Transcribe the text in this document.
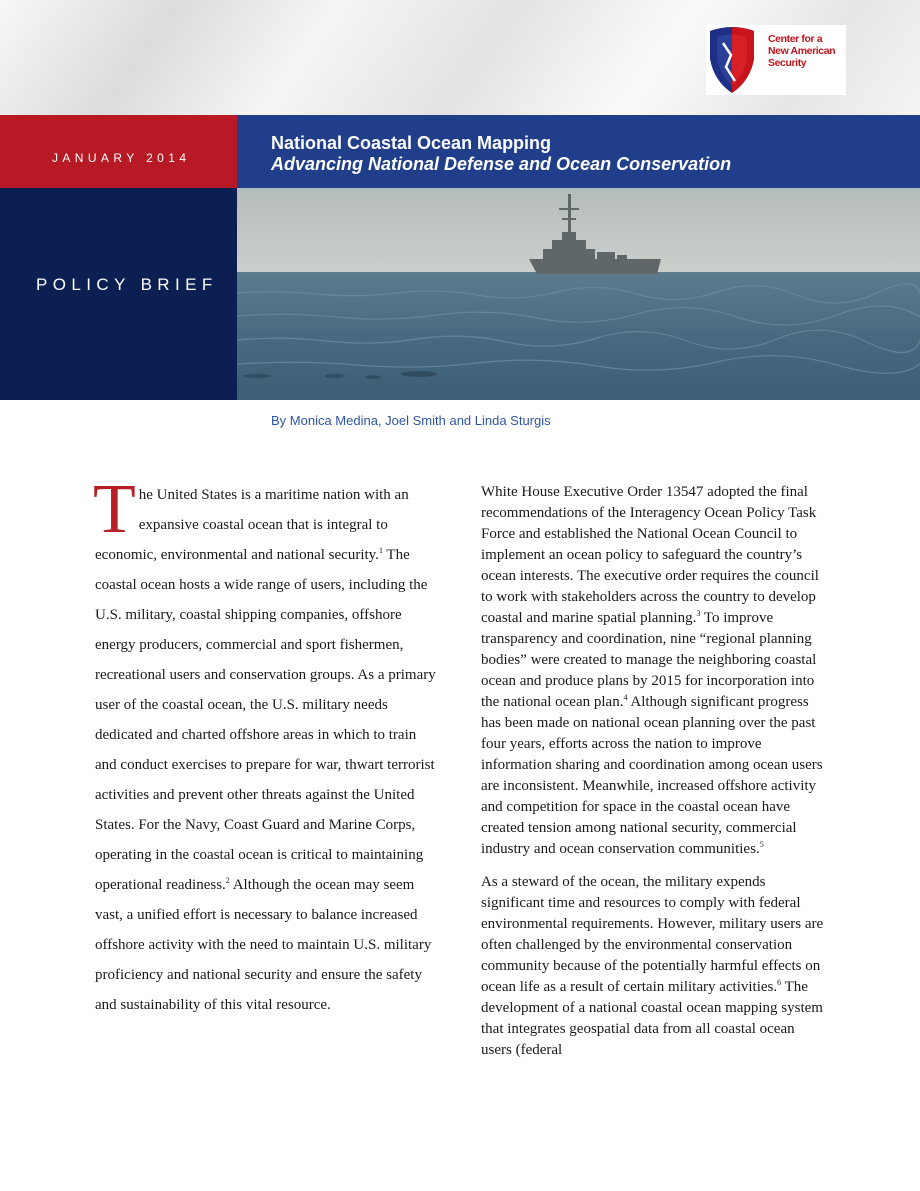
Center for a
New American
Security
JANUARY 2014
National Coastal Ocean Mapping
Advancing National Defense and Ocean Conservation
POLICY BRIEF
By Monica Medina, Joel Smith and Linda Sturgis

The United States is a maritime nation with an expansive coastal ocean that is integral to economic, environmental and national security.$^1$ The coastal ocean hosts a wide range of users, including the U.S. military, coastal shipping companies, offshore energy producers, commercial and sport fishermen, recreational users and conservation groups. As a primary user of the coastal ocean, the U.S. military needs dedicated and charted offshore areas in which to train and conduct exercises to prepare for war, thwart terrorist activities and prevent other threats against the United States. For the Navy, Coast Guard and Marine Corps, operating in the coastal ocean is critical to maintaining operational readiness.$^2$ Although the ocean may seem vast, a unified effort is necessary to balance increased offshore activity with the need to maintain U.S. military proficiency and national security and ensure the safety and sustainability of this vital resource.

White House Executive Order 13547 adopted the final recommendations of the Interagency Ocean Policy Task Force and established the National Ocean Council to implement an ocean policy to safeguard the country’s ocean interests. The executive order requires the council to work with stakeholders across the country to develop coastal and marine spatial planning.$^3$ To improve transparency and coordination, nine “regional planning bodies” were created to manage the neighboring coastal ocean and produce plans by 2015 for incorporation into the national ocean plan.$^4$ Although significant progress has been made on national ocean planning over the past four years, efforts across the nation to improve information sharing and coordination among ocean users are inconsistent. Meanwhile, increased offshore activity and competition for space in the coastal ocean have created tension among national security, commercial industry and ocean conservation communities.$^5$

As a steward of the ocean, the military expends significant time and resources to comply with federal environmental requirements. However, military users are often challenged by the environmental conservation community because of the potentially harmful effects on ocean life as a result of certain military activities.$^6$ The development of a national coastal ocean mapping system that integrates geospatial data from all coastal ocean users (federal
